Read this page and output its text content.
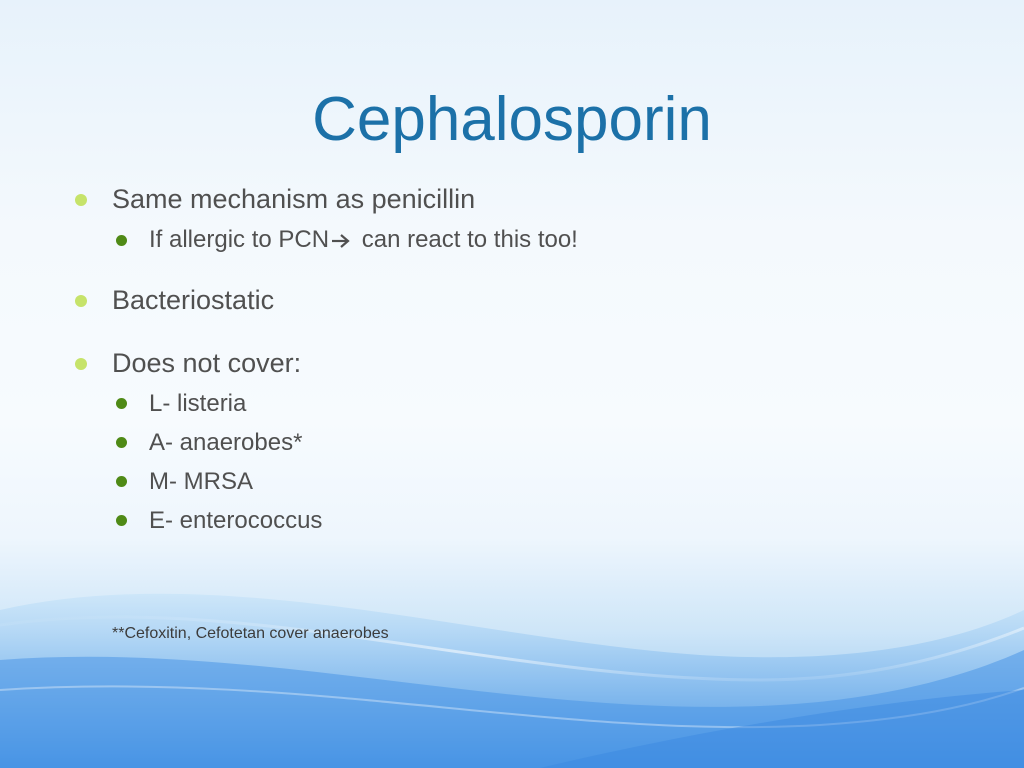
Cephalosporin
Same mechanism as penicillin
If allergic to PCN can react to this too!
Bacteriostatic
Does not cover:
L- listeria
A- anaerobes*
M- MRSA
E- enterococcus
**Cefoxitin, Cefotetan cover anaerobes
